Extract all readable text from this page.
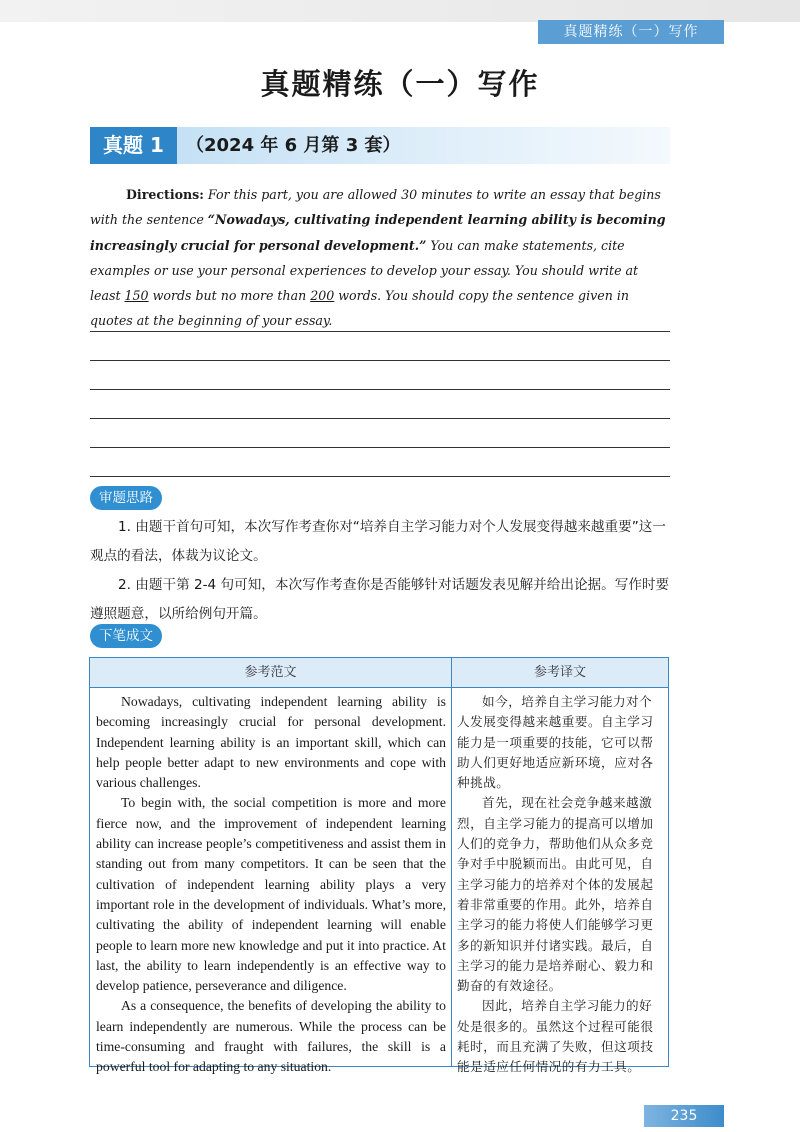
真题精练（一）写作
真题精练（一）写作
真题 1	（2024 年 6 月第 3 套）
Directions: For this part, you are allowed 30 minutes to write an essay that begins with the sentence “Nowadays, cultivating independent learning ability is becoming increasingly crucial for personal development.” You can make statements, cite examples or use your personal experiences to develop your essay. You should write at least 150 words but no more than 200 words. You should copy the sentence given in quotes at the beginning of your essay.
审题思路
1. 由题干首句可知，本次写作考查你对“培养自主学习能力对个人发展变得越来越重要”这一观点的看法，体裁为议论文。
2. 由题干第 2-4 句可知，本次写作考查你是否能够针对话题发表见解并给出论据。写作时要遵照题意，以所给例句开篇。
下笔成文
参考范文

Nowadays, cultivating independent learning ability is becoming increasingly crucial for personal development. Independent learning ability is an important skill, which can help people better adapt to new environments and cope with various challenges.

To begin with, the social competition is more and more fierce now, and the improvement of independent learning ability can increase people’s competitiveness and assist them in standing out from many competitors. It can be seen that the cultivation of independent learning ability plays a very important role in the development of individuals. What’s more, cultivating the ability of independent learning will enable people to learn more new knowledge and put it into practice. At last, the ability to learn independently is an effective way to develop patience, perseverance and diligence.

As a consequence, the benefits of developing the ability to learn independently are numerous. While the process can be time-consuming and fraught with failures, the skill is a powerful tool for adapting to any situation.

参考译文

如今，培养自主学习能力对个人发展变得越来越重要。自主学习能力是一项重要的技能，它可以帮助人们更好地适应新环境，应对各种挑战。

首先，现在社会竞争越来越激烈，自主学习能力的提高可以增加人们的竞争力，帮助他们从众多竞争对手中脱颖而出。由此可见，自主学习能力的培养对个体的发展起着非常重要的作用。此外，培养自主学习的能力将使人们能够学习更多的新知识并付诸实践。最后，自主学习的能力是培养耐心、毅力和勤奋的有效途径。

因此，培养自主学习能力的好处是很多的。虽然这个过程可能很耗时，而且充满了失败，但这项技能是适应任何情况的有力工具。

235
